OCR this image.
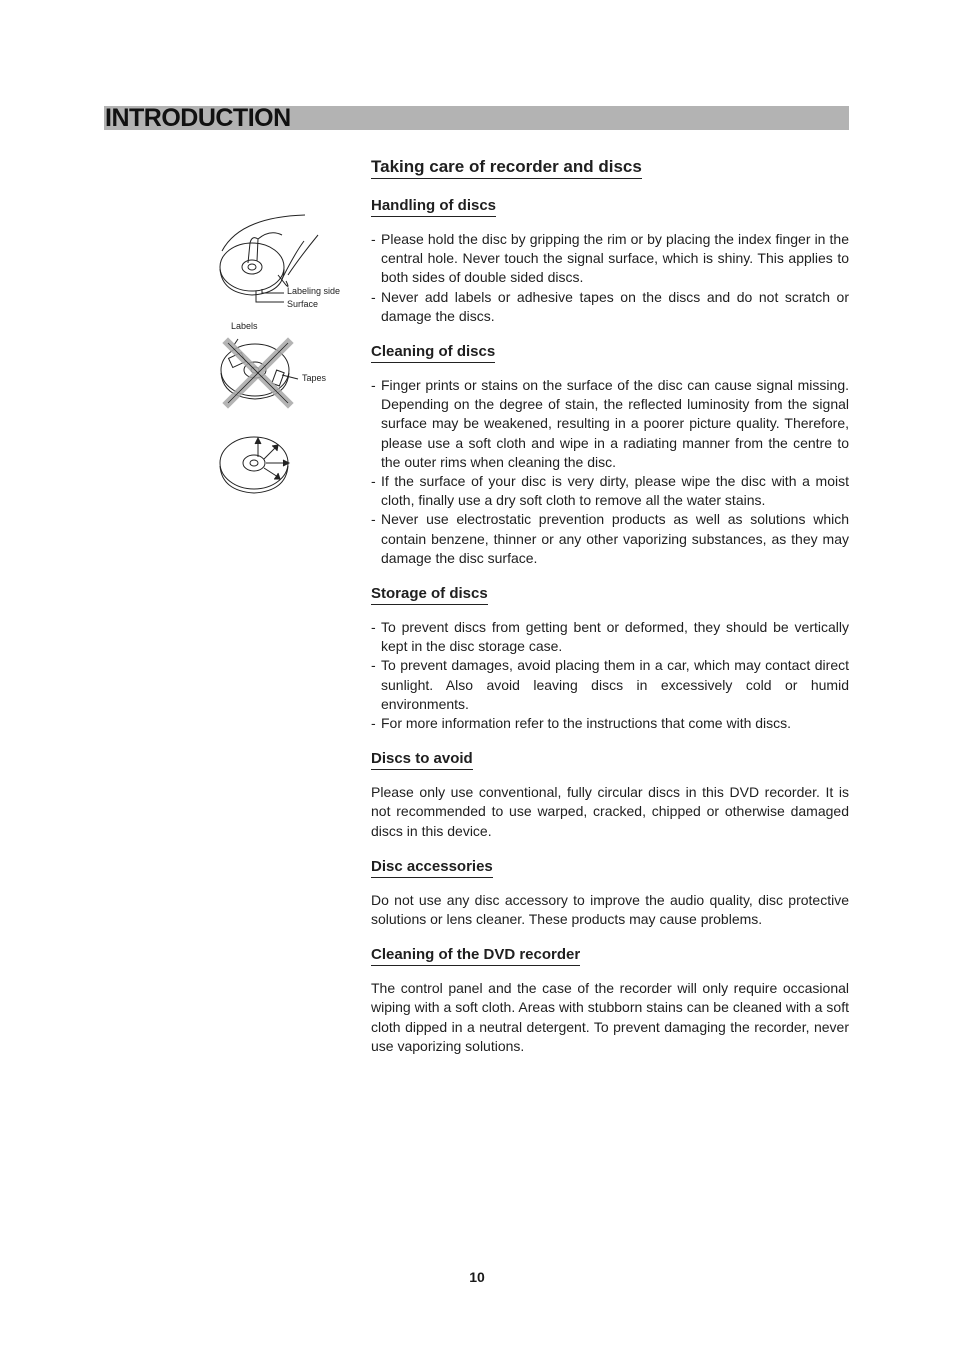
INTRODUCTION
Labeling side
Surface
Labels
Tapes
Taking care of recorder and discs
Handling of discs
- Please hold the disc by gripping the rim or by placing the index finger in the central hole. Never touch the signal surface, which is shiny. This applies to both sides of double sided discs.
- Never add labels or adhesive tapes on the discs and do not scratch or damage the discs.
Cleaning of discs
- Finger prints or stains on the surface of the disc can cause signal missing. Depending on the degree of stain, the reflected luminosity from the signal surface may be weakened, resulting in a poorer picture quality. Therefore, please use a soft cloth and wipe in a radiating manner from the centre to the outer rims when cleaning the disc.
- If the surface of your disc is very dirty, please wipe the disc with a moist cloth, finally use a dry soft cloth to remove all the water stains.
- Never use electrostatic prevention products as well as solutions which contain benzene, thinner or any other vaporizing substances, as they may damage the disc surface.
Storage of discs
- To prevent discs from getting bent or deformed, they should be vertically kept in the disc storage case.
- To prevent damages, avoid placing them in a car, which may contact direct sunlight. Also avoid leaving discs in excessively cold or humid environments.
- For more information refer to the instructions that come with discs.
Discs to avoid

Please only use conventional, fully circular discs in this DVD recorder. It is not recommended to use warped, cracked, chipped or otherwise damaged discs in this device.

Disc accessories

Do not use any disc accessory to improve the audio quality, disc protective solutions or lens cleaner. These products may cause problems.

Cleaning of the DVD recorder

The control panel and the case of the recorder will only require occasional wiping with a soft cloth. Areas with stubborn stains can be cleaned with a soft cloth dipped in a neutral detergent. To prevent damaging the recorder, never use vaporizing solutions.

10
